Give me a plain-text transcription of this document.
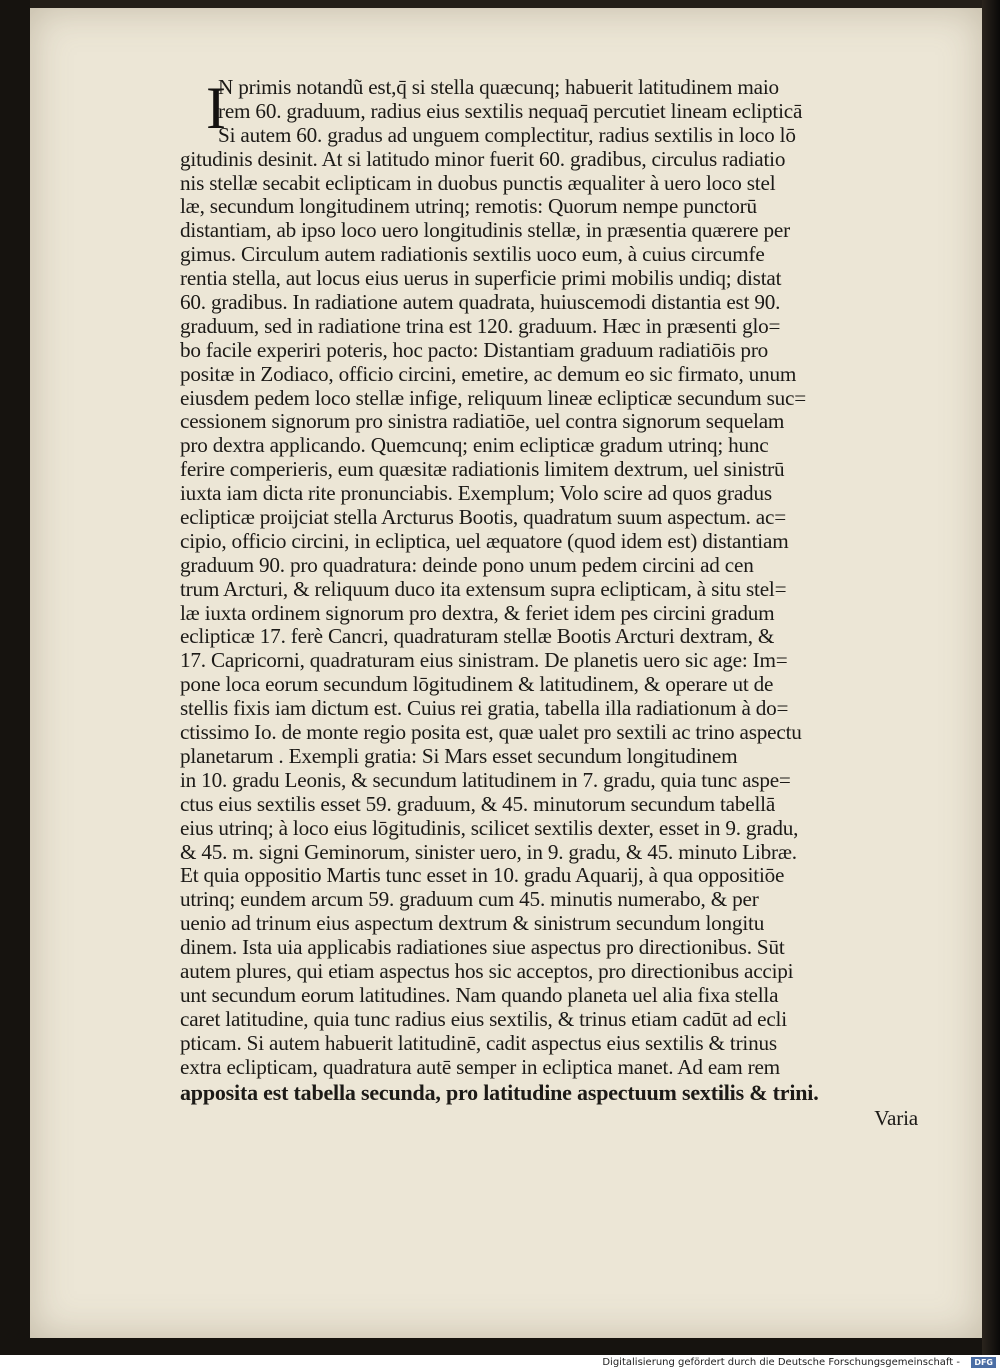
I
N primis notandũ est,q̄ si stella quæcunq; habuerit latitudinem maio
rem 60. graduum, radius eius sextilis nequaq̄ percutiet lineam eclipticā
Si autem 60. gradus ad unguem complectitur, radius sextilis in loco lō
gitudinis desinit. At si latitudo minor fuerit 60. gradibus, circulus radiatio
nis stellæ secabit eclipticam in duobus punctis æqualiter à uero loco stel
læ, secundum longitudinem utrinq; remotis: Quorum nempe punctorū
distantiam, ab ipso loco uero longitudinis stellæ, in præsentia quærere per
gimus. Circulum autem radiationis sextilis uoco eum, à cuius circumfe
rentia stella, aut locus eius uerus in superficie primi mobilis undiq; distat
60. gradibus. In radiatione autem quadrata, huiuscemodi distantia est 90.
graduum, sed in radiatione trina est 120. graduum. Hæc in præsenti glo=
bo facile experiri poteris, hoc pacto: Distantiam graduum radiatiōis pro
positæ in Zodiaco, officio circini, emetire, ac demum eo sic firmato, unum
eiusdem pedem loco stellæ infige, reliquum lineæ eclipticæ secundum suc=
cessionem signorum pro sinistra radiatiōe, uel contra signorum sequelam
pro dextra applicando. Quemcunq; enim eclipticæ gradum utrinq; hunc
ferire comperieris, eum quæsitæ radiationis limitem dextrum, uel sinistrū
iuxta iam dicta rite pronunciabis. Exemplum; Volo scire ad quos gradus
eclipticæ proijciat stella Arcturus Bootis, quadratum suum aspectum. ac=
cipio, officio circini, in ecliptica, uel æquatore (quod idem est) distantiam
graduum 90. pro quadratura: deinde pono unum pedem circini ad cen
trum Arcturi, & reliquum duco ita extensum supra eclipticam, à situ stel=
læ iuxta ordinem signorum pro dextra, & feriet idem pes circini gradum
eclipticæ 17. ferè Cancri, quadraturam stellæ Bootis Arcturi dextram, &
17. Capricorni, quadraturam eius sinistram. De planetis uero sic age: Im=
pone loca eorum secundum lōgitudinem & latitudinem, & operare ut de
stellis fixis iam dictum est. Cuius rei gratia, tabella illa radiationum à do=
ctissimo Io. de monte regio posita est, quæ ualet pro sextili ac trino aspectu
planetarum . Exempli gratia: Si Mars esset secundum longitudinem
in 10. gradu Leonis, & secundum latitudinem in 7. gradu, quia tunc aspe=
ctus eius sextilis esset 59. graduum, & 45. minutorum secundum tabellā
eius utrinq; à loco eius lōgitudinis, scilicet sextilis dexter, esset in 9. gradu,
& 45. m. signi Geminorum, sinister uero, in 9. gradu, & 45. minuto Libræ.
Et quia oppositio Martis tunc esset in 10. gradu Aquarij, à qua oppositiōe
utrinq; eundem arcum 59. graduum cum 45. minutis numerabo, & per
uenio ad trinum eius aspectum dextrum & sinistrum secundum longitu
dinem. Ista uia applicabis radiationes siue aspectus pro directionibus. Sūt
autem plures, qui etiam aspectus hos sic acceptos, pro directionibus accipi
unt secundum eorum latitudines. Nam quando planeta uel alia fixa stella
caret latitudine, quia tunc radius eius sextilis, & trinus etiam cadūt ad ecli
pticam. Si autem habuerit latitudinē, cadit aspectus eius sextilis & trinus
extra eclipticam, quadratura autē semper in ecliptica manet. Ad eam rem
apposita est tabella secunda, pro latitudine aspectuum sextilis & trini.
Varia
Digitalisierung gefördert durch die Deutsche Forschungsgemeinschaft -	DFG
